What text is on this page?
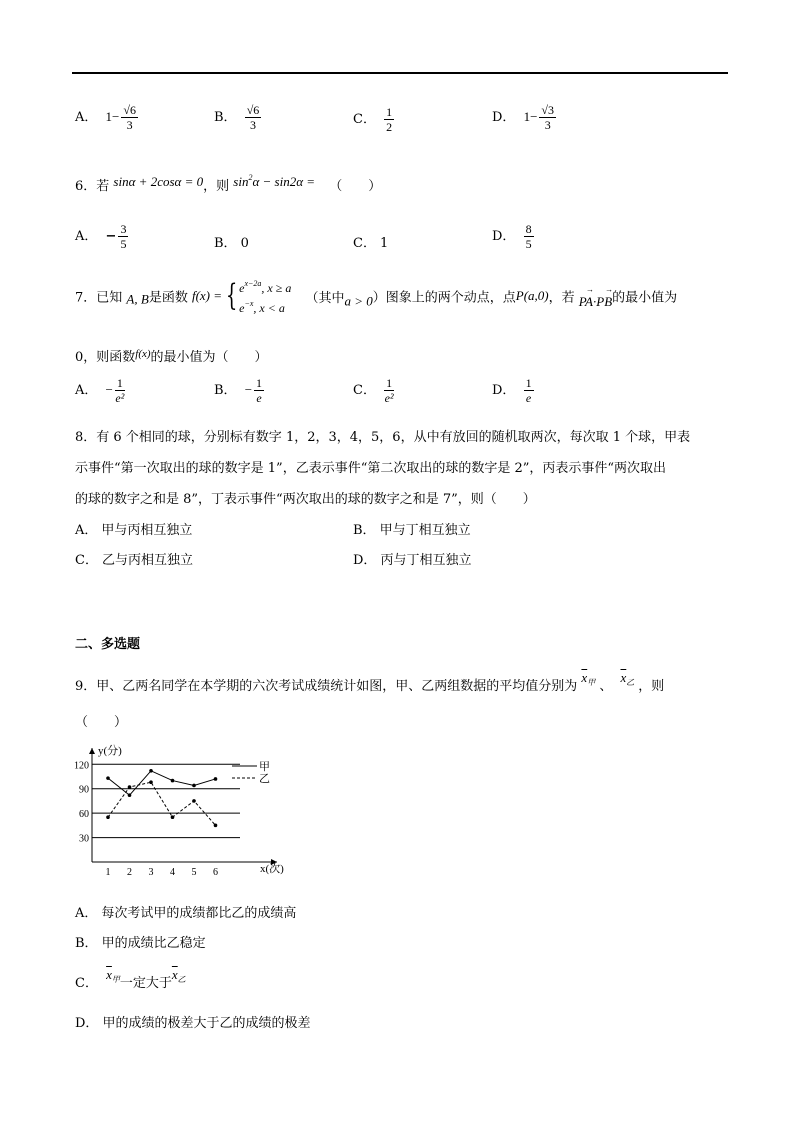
A． $1- \frac{√6}{3}$	B． $\frac{√6}{3}$	C． $\frac{1}{2}$	D． $1- \frac{√3}{3}$
6．若 sinα + 2cosα = 0，则 $\sin^2\alpha - \sin 2\alpha$ = （　　）
A． − $\frac{3}{5}$	B． 0	C． 1	D． $\frac{8}{5}$
7．已知 A, B是函数 f(x) = { $e^{x-2a}$, x ≥ a
$e^{-x}$, x < a
（其中a > 0）图象上的两个动点，点P(a,0)，若 → PA·→ PB的最小值为
0，则函数$^{f(x)}$的最小值为（　　）
A． − $\frac{1}{\text{e²}}$	B． − $\frac{1}{e}$	C． $\frac{1}{\text{e²}}$	D． $\frac{1}{e}$
8．有 6 个相同的球，分别标有数字 1，2，3，4，5，6，从中有放回的随机取两次，每次取 1 个球，甲表
示事件“第一次取出的球的数字是 1”，乙表示事件“第二次取出的球的数字是 2”，丙表示事件“两次取出
的球的数字之和是 8”，丁表示事件“两次取出的球的数字之和是 7”，则（　　）
A． 甲与丙相互独立	B． 甲与丁相互独立
C． 乙与丙相互独立	D． 丙与丁相互独立
二、多选题
9．甲、乙两名同学在本学期的六次考试成绩统计如图，甲、乙两组数据的平均值分别为 $\overline{x}_甲$ 、 $\overline{x}_乙$ ，则
（　　）
30
60
90
120
1 2 3 4 5 6
y(分)
x(次)
甲
乙
A． 每次考试甲的成绩都比乙的成绩高
B． 甲的成绩比乙稳定
C． $\overline{x}_甲$一定大于$\overline{x}_乙$
D． 甲的成绩的极差大于乙的成绩的极差
